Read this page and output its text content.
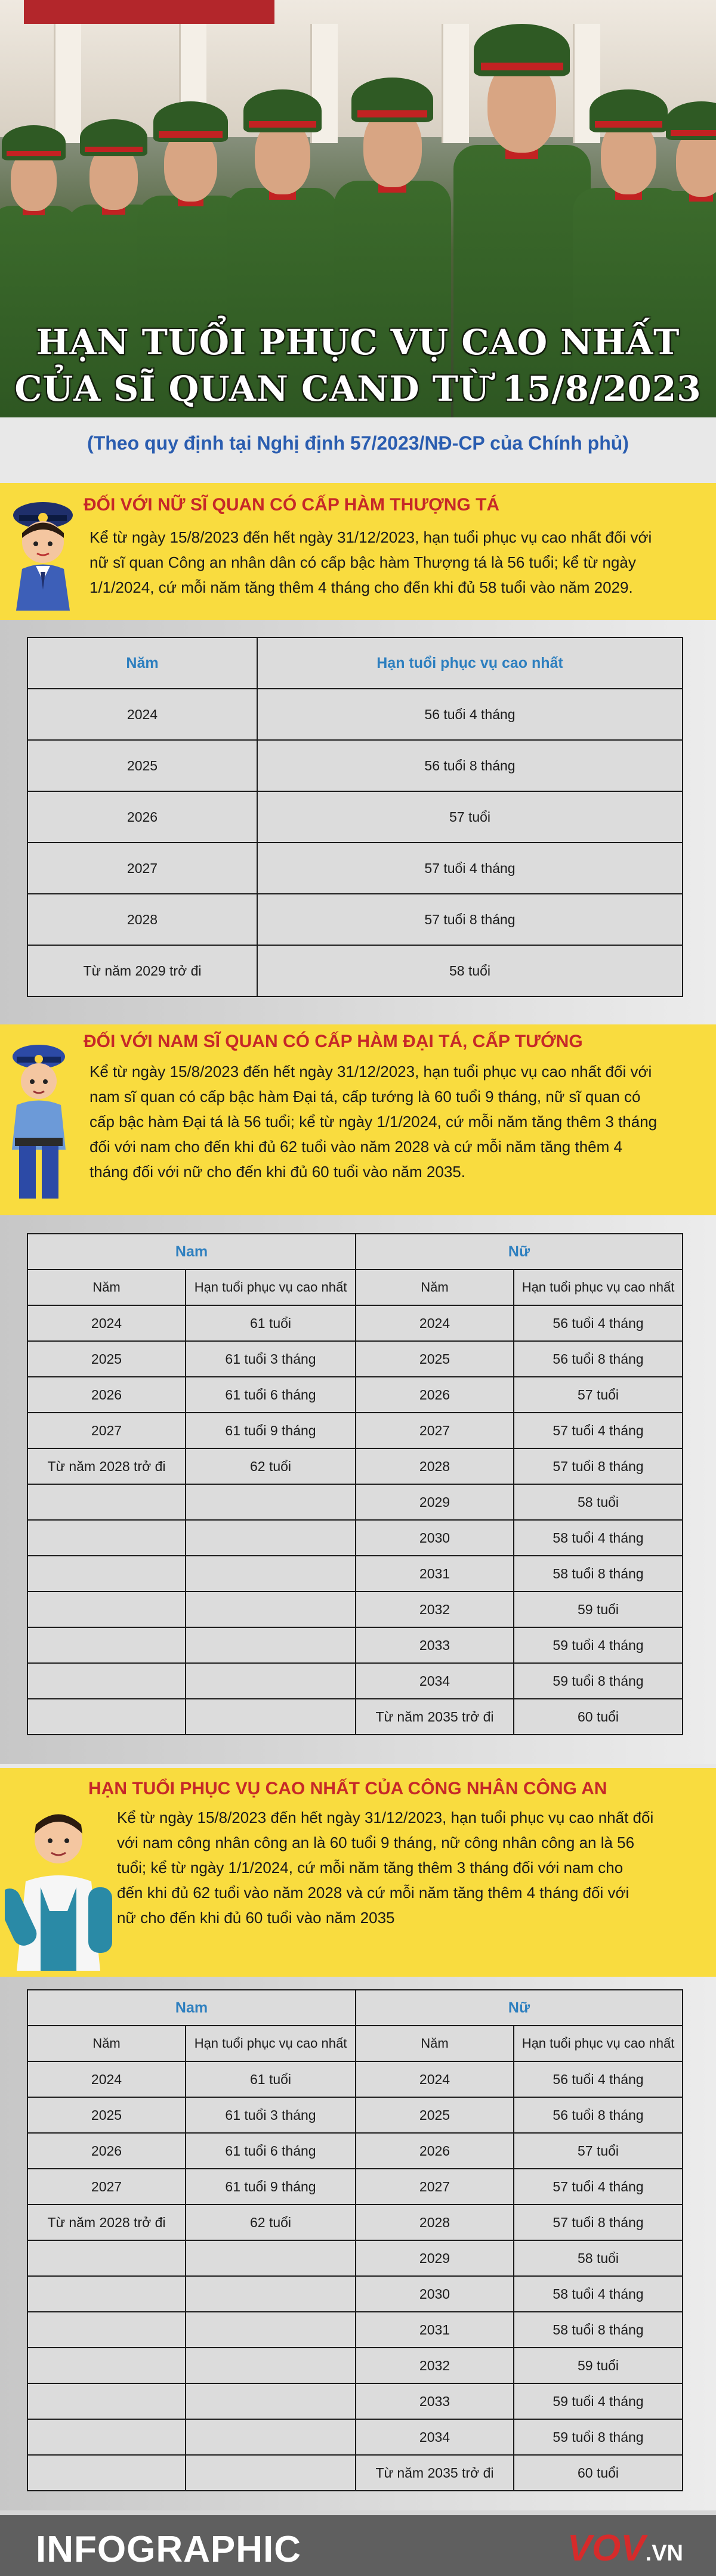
HẠN TUỔI PHỤC VỤ CAO NHẤT
CỦA SĨ QUAN CAND TỪ 15/8/2023
(Theo quy định tại Nghị định 57/2023/NĐ-CP của Chính phủ)
ĐỐI VỚI NỮ SĨ QUAN CÓ CẤP HÀM THƯỢNG TÁ
Kể từ ngày 15/8/2023 đến hết ngày 31/12/2023, hạn tuổi phục vụ cao nhất đối với
nữ sĩ quan Công an nhân dân có cấp bậc hàm Thượng tá là 56 tuổi; kể từ ngày
1/1/2024, cứ mỗi năm tăng thêm 4 tháng cho đến khi đủ 58 tuổi vào năm 2029.
Năm	Hạn tuổi phục vụ cao nhất
2024	56 tuổi 4 tháng
2025	56 tuổi 8 tháng
2026	57 tuổi
2027	57 tuổi 4 tháng
2028	57 tuổi 8 tháng
Từ năm 2029 trở đi	58 tuổi
ĐỐI VỚI NAM SĨ QUAN CÓ CẤP HÀM ĐẠI TÁ, CẤP TƯỚNG
Kể từ ngày 15/8/2023 đến hết ngày 31/12/2023, hạn tuổi phục vụ cao nhất đối với
nam sĩ quan có cấp bậc hàm Đại tá, cấp tướng là 60 tuổi 9 tháng, nữ sĩ quan có
cấp bậc hàm Đại tá là 56 tuổi; kể từ ngày 1/1/2024, cứ mỗi năm tăng thêm 3 tháng
đối với nam cho đến khi đủ 62 tuổi vào năm 2028 và cứ mỗi năm tăng thêm 4
tháng đối với nữ cho đến khi đủ 60 tuổi vào năm 2035.
Nam		Nữ	
Năm	Hạn tuổi phục vụ cao nhất	Năm	Hạn tuổi phục vụ cao nhất
2024	61 tuổi	2024	56 tuổi 4 tháng
2025	61 tuổi 3 tháng	2025	56 tuổi 8 tháng
2026	61 tuổi 6 tháng	2026	57 tuổi
2027	61 tuổi 9 tháng	2027	57 tuổi 4 tháng
Từ năm 2028 trở đi	62 tuổi	2028	57 tuổi 8 tháng
		2029	58 tuổi
		2030	58 tuổi 4 tháng
		2031	58 tuổi 8 tháng
		2032	59 tuổi
		2033	59 tuổi 4 tháng
		2034	59 tuổi 8 tháng
		Từ năm 2035 trở đi	60 tuổi
HẠN TUỔI PHỤC VỤ CAO NHẤT CỦA CÔNG NHÂN CÔNG AN
Kể từ ngày 15/8/2023 đến hết ngày 31/12/2023, hạn tuổi phục vụ cao nhất đối
với nam công nhân công an là 60 tuổi 9 tháng, nữ công nhân công an là 56
tuổi; kể từ ngày 1/1/2024, cứ mỗi năm tăng thêm 3 tháng đối với nam cho
đến khi đủ 62 tuổi vào năm 2028 và cứ mỗi năm tăng thêm 4 tháng đối với
nữ cho đến khi đủ 60 tuổi vào năm 2035
Nam		Nữ	
Năm	Hạn tuổi phục vụ cao nhất	Năm	Hạn tuổi phục vụ cao nhất
2024	61 tuổi	2024	56 tuổi 4 tháng
2025	61 tuổi 3 tháng	2025	56 tuổi 8 tháng
2026	61 tuổi 6 tháng	2026	57 tuổi
2027	61 tuổi 9 tháng	2027	57 tuổi 4 tháng
Từ năm 2028 trở đi	62 tuổi	2028	57 tuổi 8 tháng
		2029	58 tuổi
		2030	58 tuổi 4 tháng
		2031	58 tuổi 8 tháng
		2032	59 tuổi
		2033	59 tuổi 4 tháng
		2034	59 tuổi 8 tháng
		Từ năm 2035 trở đi	60 tuổi
INFOGRAPHIC	VOV.VN
